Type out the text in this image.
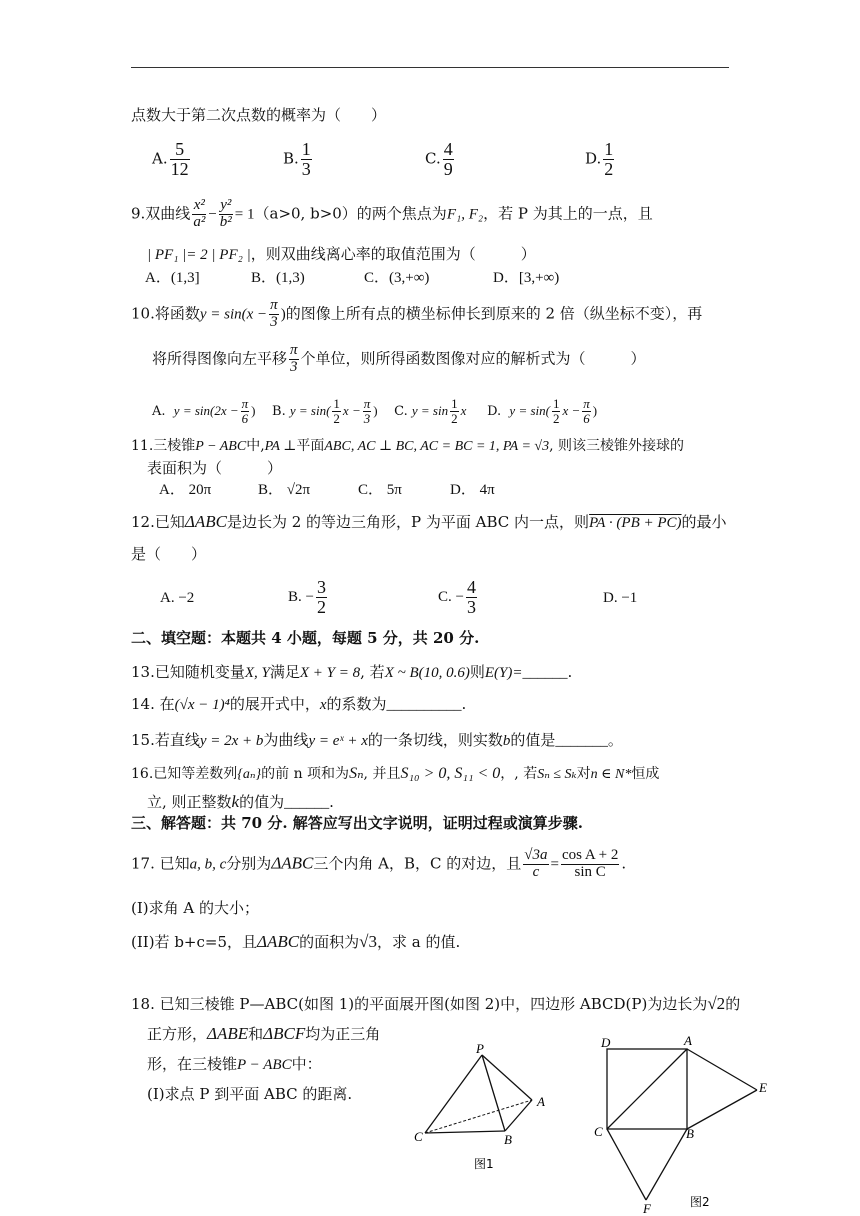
点数大于第二次点数的概率为（　　）
A. $\frac{5}{12}$	B. $\frac{1}{3}$	C. $\frac{4}{9}$	D. $\frac{1}{2}$
9.双曲线 $\frac{\text{x²}}{\text{a²}} - \frac{\text{y²}}{\text{b²}} = 1(a>0$, b>0）的两个焦点为F₁, F₂，若 P 为其上的一点，且
| PF₁ |= 2 | PF₂ |，则双曲线离心率的取值范围为（　　　）
A．(1,3]	B．(1,3)	C．(3,+∞)	D．[3,+∞)
10.将函数$y = \sin(x - \frac{\pi}{3}$ )的图像上所有点的横坐标伸长到原来的 2 倍（纵坐标不变），再
将所得图像向左平移 $\frac{\pi}{3}$ 个单位，则所得函数图像对应的解析式为（　　　）
A. $y = \sin(2x - \frac{\pi}{6}$ ) B. $y = \sin( \frac{1}{2}$ $x - \frac{\pi}{3}$ ) C. $y = \sin \frac{1}{2}$ x D. $y = \sin( \frac{1}{2}$ $x - \frac{\pi}{6}$ )
11.三棱锥P − ABC中,PA ⊥平面ABC, AC ⊥ BC, AC = BC = 1, PA = √3, 则该三棱锥外接球的
表面积为（　　　）
A． 20π	B． √2π	C． 5π	D． 4π
12.已知ΔABC是边长为 2 的等边三角形，P 为平面 ABC 内一点，则PA · (PB + PC)的最小
是（　　）
A. −2	B. − $\frac{3}{2}$	C. − $\frac{4}{3}$	D. −1
二、填空题：本题共 4 小题，每题 5 分，共 20 分.
13.已知随机变量X, Y满足X + Y = 8, 若X ~ B(10, 0.6)则E(Y)=______.
14. 在(√x − 1)⁴的展开式中，x的系数为__________.
15.若直线y = 2x + b为曲线y = eˣ + x的一条切线，则实数b的值是_______。
16.已知等差数列{aₙ}的前 n 项和为Sₙ, 并且S₁₀ > 0, S₁₁ < 0，, 若Sₙ ≤ Sₖ对n ∈ N*恒成
立, 则正整数k的值为______.
三、解答题：共 70 分. 解答应写出文字说明，证明过程或演算步骤.
17. 已知a, b, c分别为ΔABC三个内角 A，B，C 的对边，且 $\frac{√3a}{c} = \frac{\text{cos A + 2}}{\text{sin C}}$ .
(I)求角 A 的大小；
(II)若 b+c=5，且ΔABC的面积为√3，求 a 的值.
18. 已知三棱锥 P—ABC(如图 1)的平面展开图(如图 2)中，四边形 ABCD(P)为边长为√2的
正方形，ΔABE和ΔBCF均为正三角
形，在三棱锥P − ABC中：
(I)求点 P 到平面 ABC 的距离.
P
A
B
C
图1
D	A
C	B
E
F	图2
